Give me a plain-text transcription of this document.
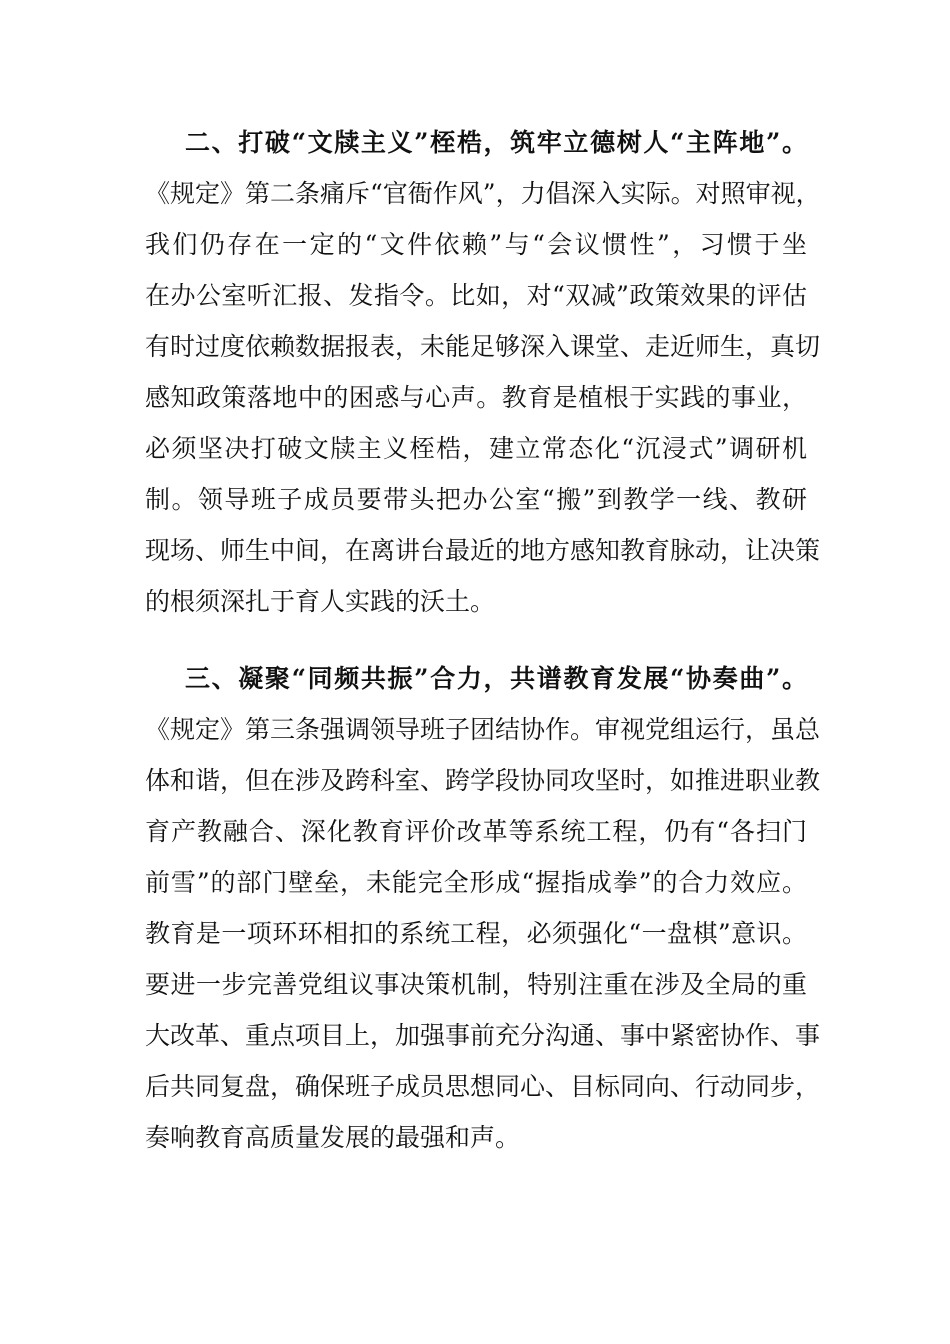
二、打破“文牍主义”桎梏，筑牢立德树人“主阵地”。
《规定》第二条痛斥“官衙作风”，力倡深入实际。对照审视，
我们仍存在一定的“文件依赖”与“会议惯性”，习惯于坐
在办公室听汇报、发指令。比如，对“双减”政策效果的评估
有时过度依赖数据报表，未能足够深入课堂、走近师生，真切
感知政策落地中的困惑与心声。教育是植根于实践的事业，
必须坚决打破文牍主义桎梏，建立常态化“沉浸式”调研机
制。领导班子成员要带头把办公室“搬”到教学一线、教研
现场、师生中间，在离讲台最近的地方感知教育脉动，让决策
的根须深扎于育人实践的沃土。
三、凝聚“同频共振”合力，共谱教育发展“协奏曲”。
《规定》第三条强调领导班子团结协作。审视党组运行，虽总
体和谐，但在涉及跨科室、跨学段协同攻坚时，如推进职业教
育产教融合、深化教育评价改革等系统工程，仍有“各扫门
前雪”的部门壁垒，未能完全形成“握指成拳”的合力效应。
教育是一项环环相扣的系统工程，必须强化“一盘棋”意识。
要进一步完善党组议事决策机制，特别注重在涉及全局的重
大改革、重点项目上，加强事前充分沟通、事中紧密协作、事
后共同复盘，确保班子成员思想同心、目标同向、行动同步，
奏响教育高质量发展的最强和声。
